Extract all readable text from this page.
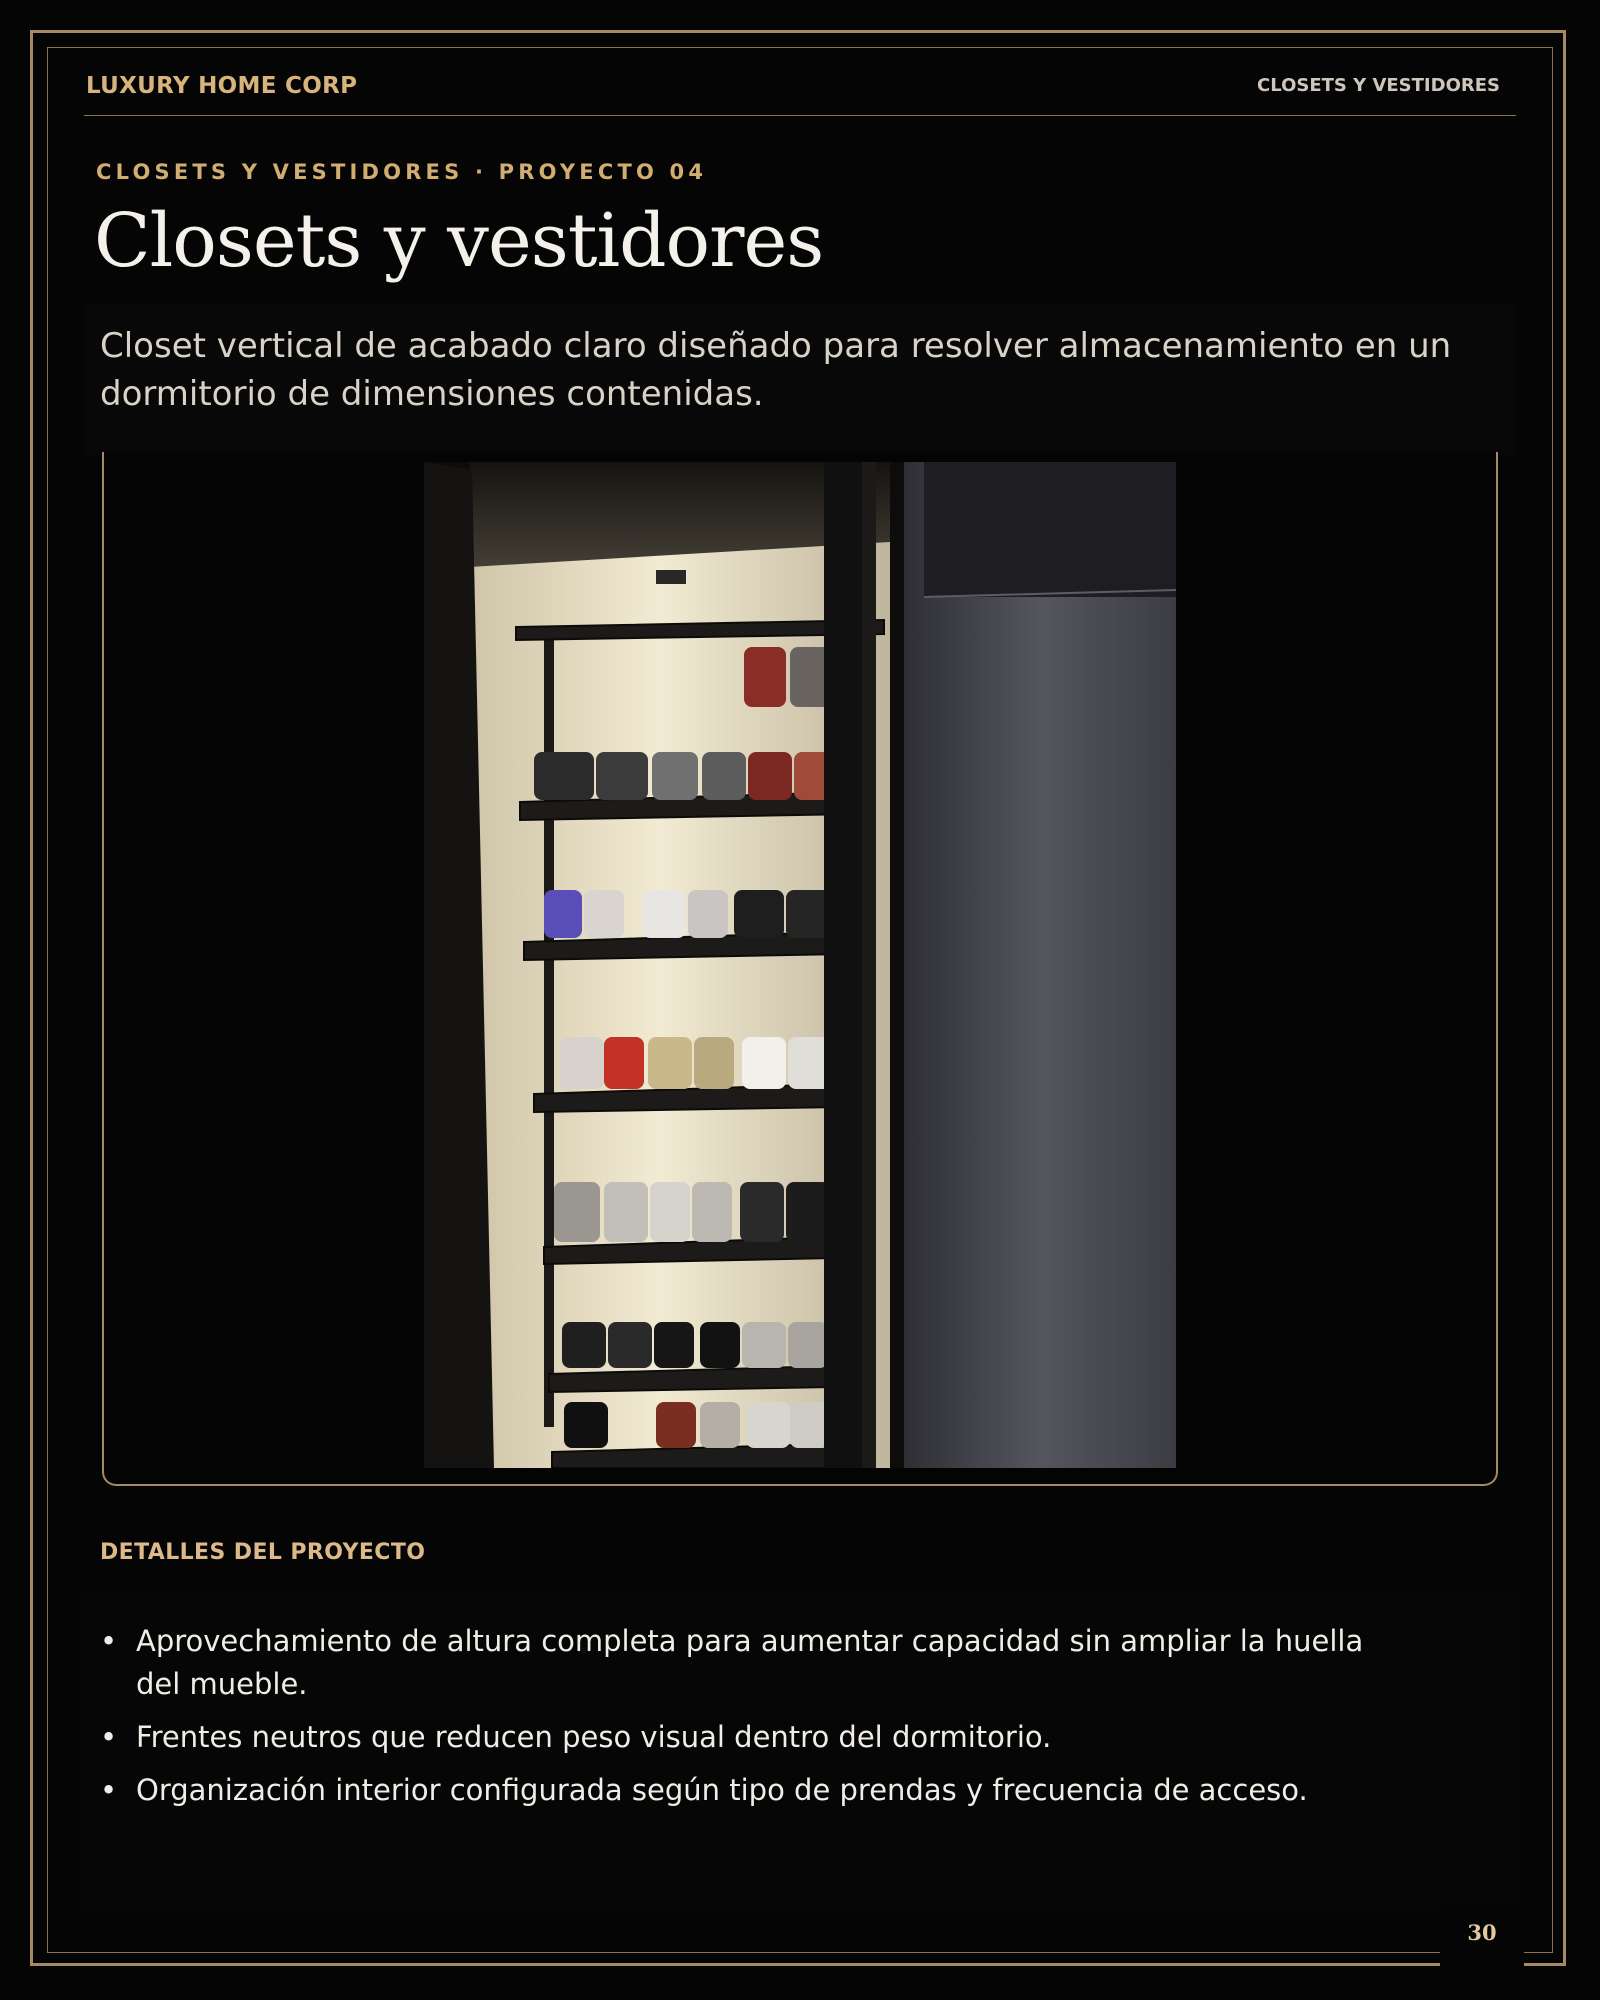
LUXURY HOME CORP	CLOSETS Y VESTIDORES
CLOSETS Y VESTIDORES · PROYECTO 04
Closets y vestidores
Closet vertical de acabado claro diseñado para resolver almacenamiento en un dormitorio de dimensiones contenidas.
DETALLES DEL PROYECTO
• Aprovechamiento de altura completa para aumentar capacidad sin ampliar la huella del mueble.
• Frentes neutros que reducen peso visual dentro del dormitorio.
• Organización interior configurada según tipo de prendas y frecuencia de acceso.
30
